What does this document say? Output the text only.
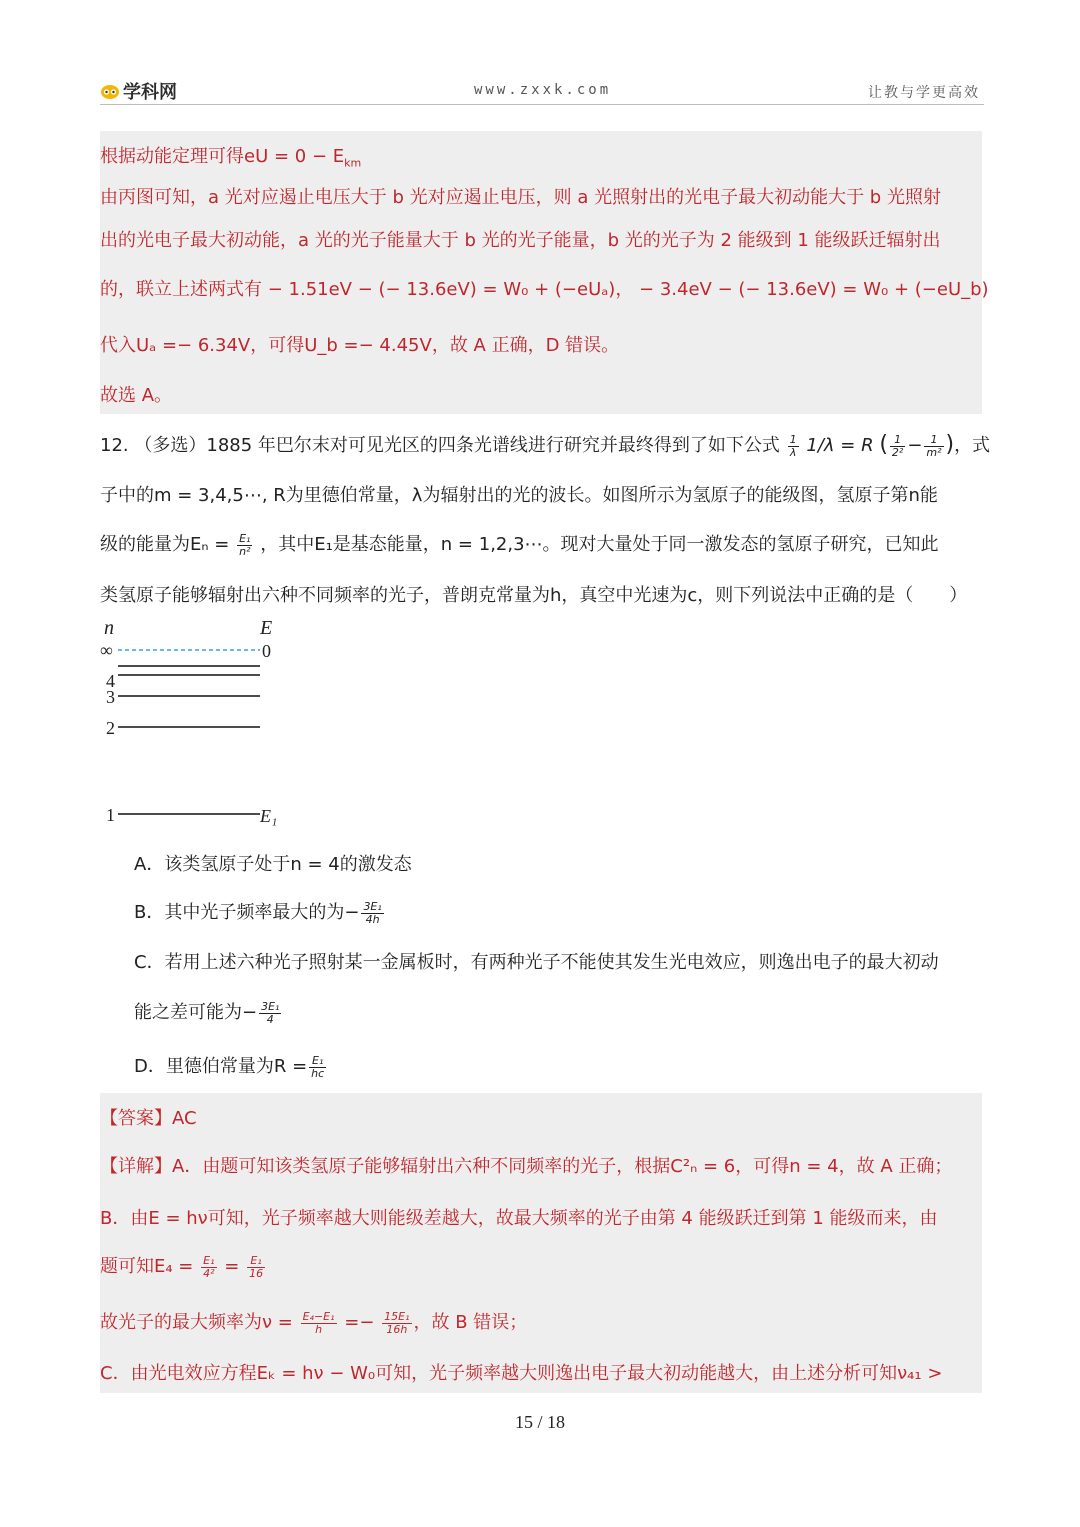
学科网	www.zxxk.com	让教与学更高效
根据动能定理可得eU = $0 - E_{km}$
由丙图可知，a 光对应遏止电压大于 b 光对应遏止电压，则 a 光照射出的光电子最大初动能大于 b 光照射
出的光电子最大初动能，a 光的光子能量大于 b 光的光子能量，b 光的光子为 2 能级到 1 能级跃迁辐射出
的，联立上述两式有 − 1.51eV − (− 13.6eV) = W₀ + (−eUₐ)， − 3.4eV − (− 13.6eV) = W₀ + (−eU_b)
代入Uₐ =− 6.34V，可得U_b =− 4.45V，故 A 正确，D 错误。
故选 A。
12. （多选）1885 年巴尔末对可见光区的四条光谱线进行研究并最终得到了如下公式 $\frac{1}{\lambda} 1/\lambda = R$ ( $\frac{1}{\text{2²}} - \frac{1}{\text{m²}}$ )，式
子中的m = 3,4,5⋯, R为里德伯常量，λ为辐射出的光的波长。如图所示为氢原子的能级图，氢原子第n能
级的能量为$E_n = \frac{\text{E₁}}{\text{n²}}$ ，其中E₁是基态能量，n = 1,2,3⋯。现对大量处于同一激发态的氢原子研究，已知此
类氢原子能够辐射出六种不同频率的光子，普朗克常量为h，真空中光速为c，则下列说法中正确的是（　　）
n	E
∞	0
4
3
2
1	E₁
A．该类氢原子处于n = 4的激发态
B．其中光子频率最大的为− $\frac{\text{3E₁}}{4h}$
C．若用上述六种光子照射某一金属板时，有两种光子不能使其发生光电效应，则逸出电子的最大初动
能之差可能为− $\frac{\text{3E₁}}{4}$
D．里德伯常量为$R = \frac{\text{E₁}}{hc}$
【答案】AC
【详解】A．由题可知该类氢原子能够辐射出六种不同频率的光子，根据C²ₙ = 6，可得n = 4，故 A 正确；
B．由E = hν可知，光子频率越大则能级差越大，故最大频率的光子由第 4 能级跃迁到第 1 能级而来，由
题可知$E_4 = \frac{\text{E₁}}{\text{4²}} = \frac{\text{E₁}}{16}$
故光子的最大频率为$\nu = \frac{\text{E₄−E₁}}{h} =- \frac{\text{15E₁}}{16h}$ ，故 B 错误；
C．由光电效应方程Eₖ = hν − W₀可知，光子频率越大则逸出电子最大初动能越大，由上述分析可知ν₄₁ >
15 / 18
